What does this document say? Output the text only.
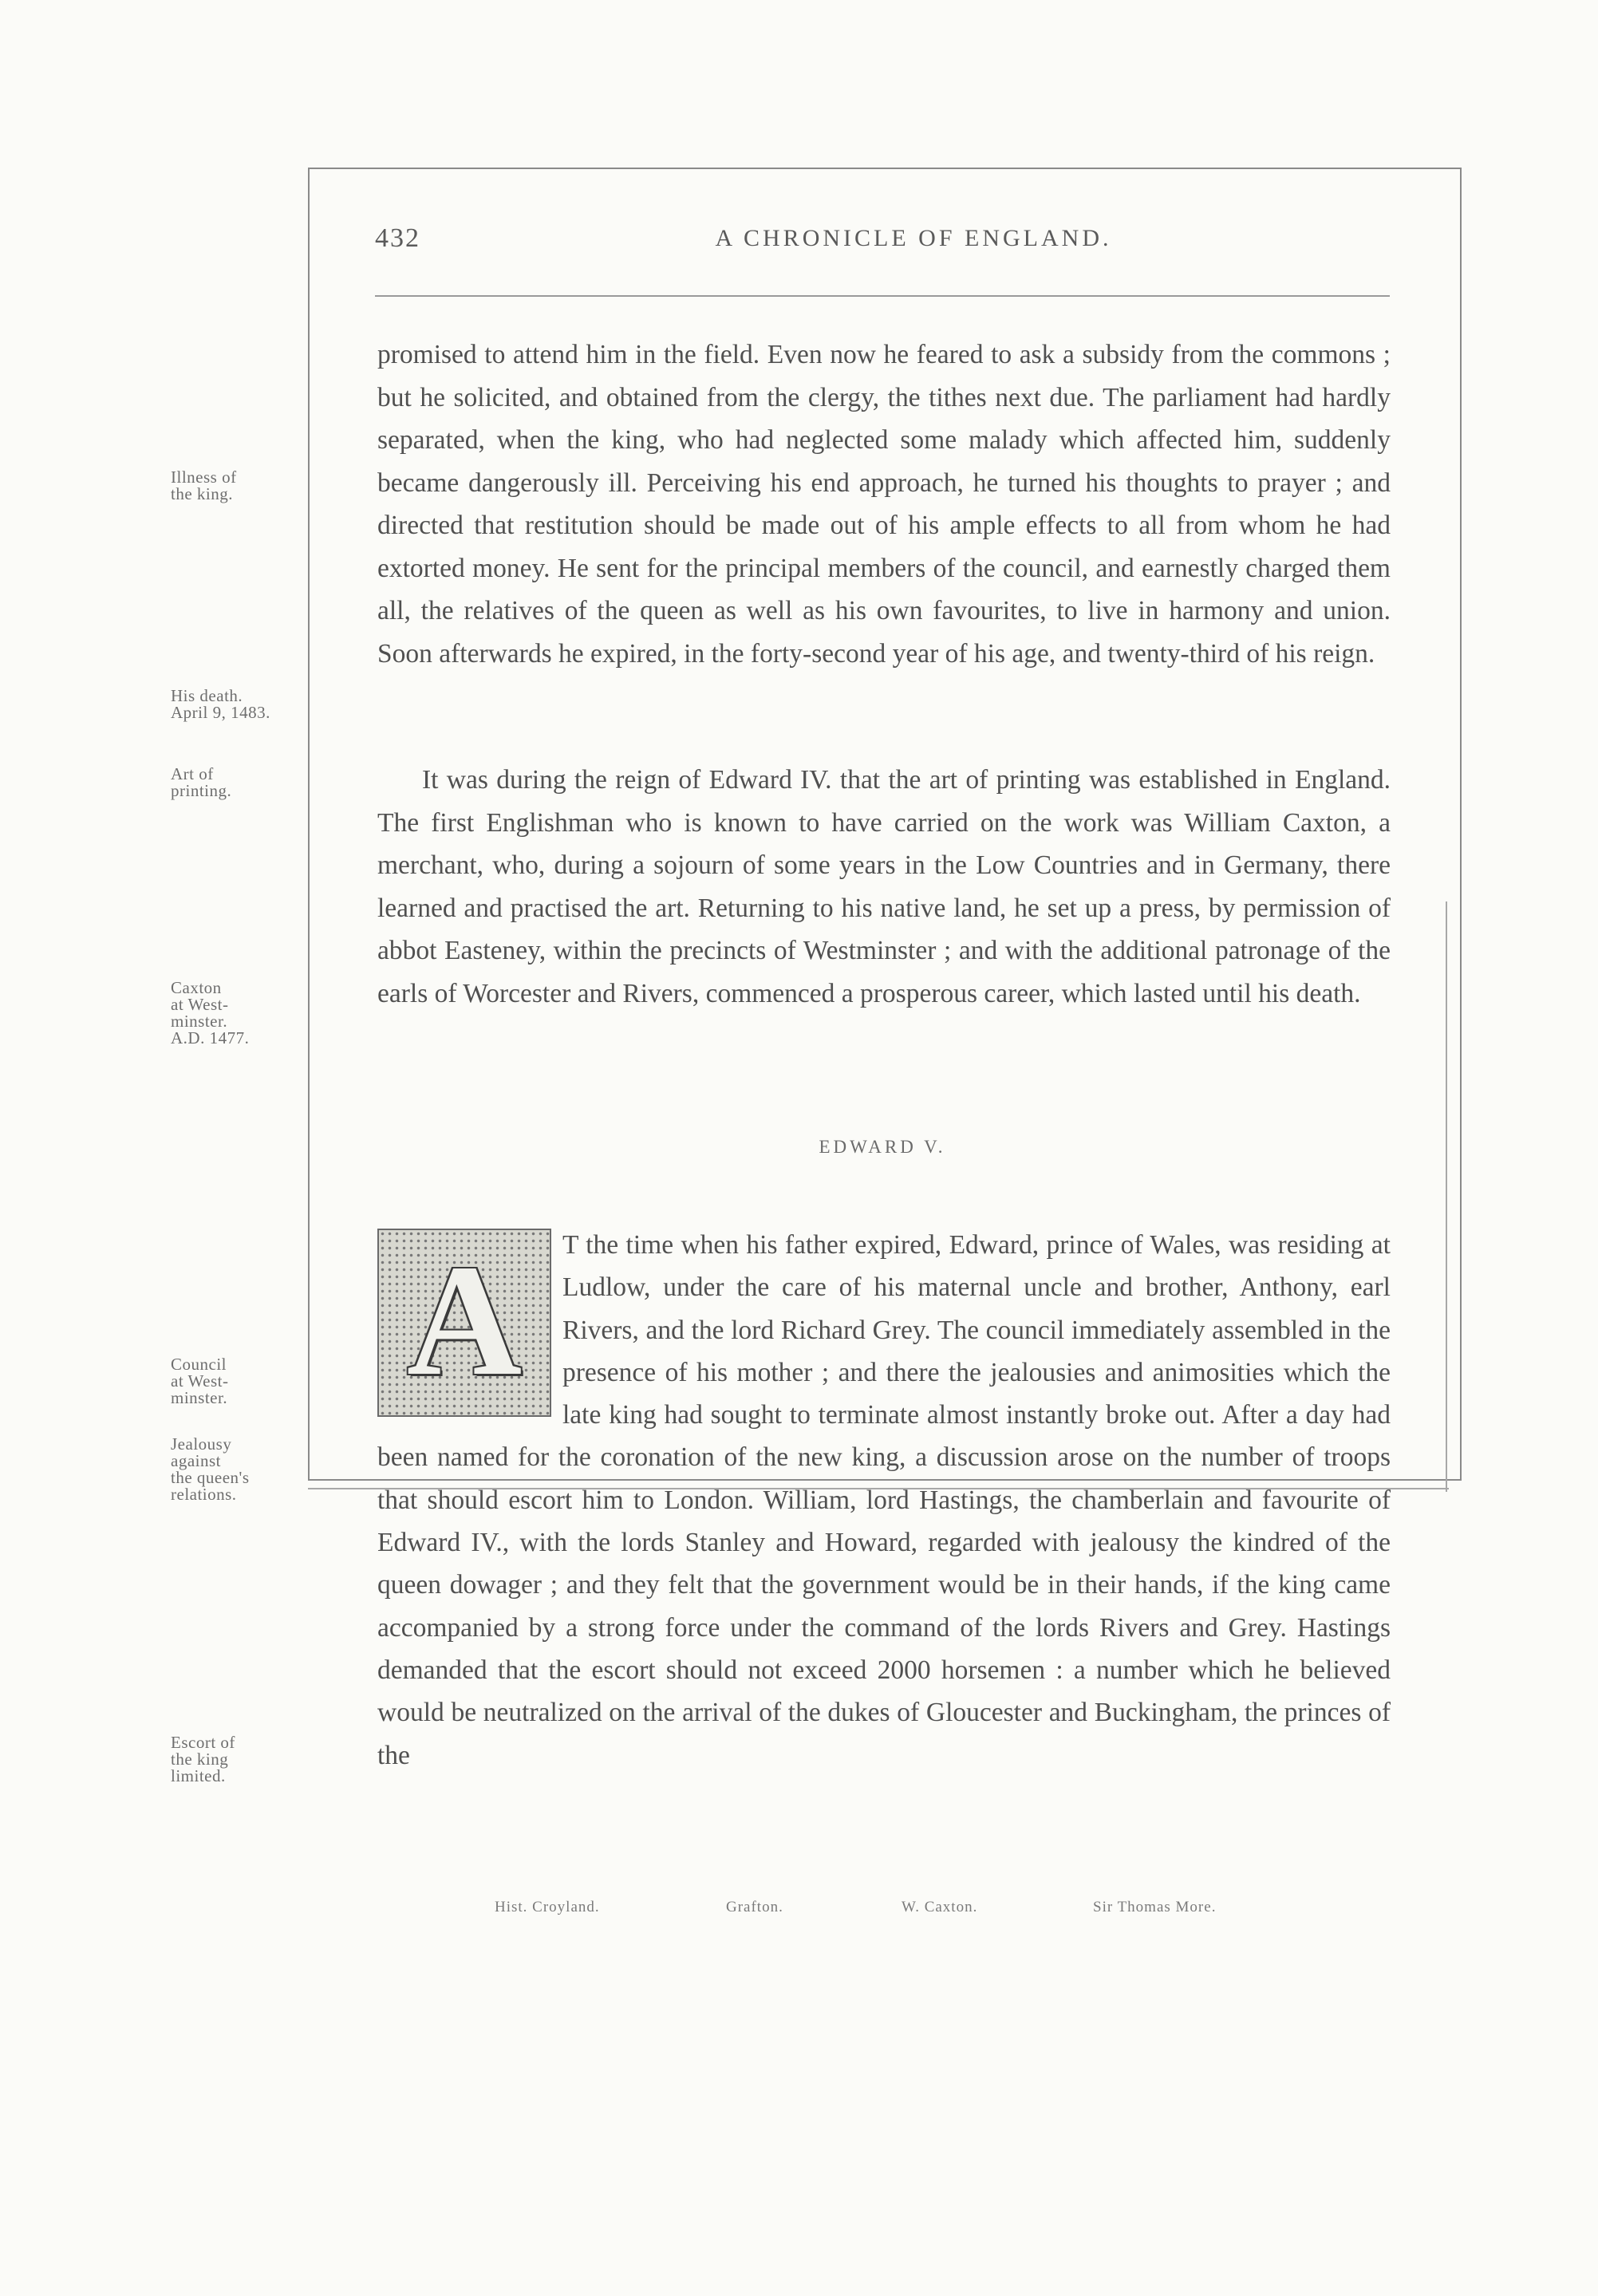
432	A CHRONICLE OF ENGLAND.
Illness of
the king.
His death.
April 9, 1483.
Art of
printing.
Caxton
at West-
minster.
A.D. 1477.
Council
at West-
minster.
Jealousy
against
the queen's
relations.
Escort of
the king
limited.

promised to attend him in the field. Even now he feared to ask a subsidy from the commons ; but he solicited, and obtained from the clergy, the tithes next due. The parliament had hardly separated, when the king, who had neglected some malady which affected him, suddenly became dangerously ill. Perceiving his end approach, he turned his thoughts to prayer ; and directed that restitution should be made out of his ample effects to all from whom he had extorted money. He sent for the principal members of the council, and earnestly charged them all, the relatives of the queen as well as his own favourites, to live in harmony and union. Soon afterwards he expired, in the forty-second year of his age, and twenty-third of his reign.

It was during the reign of Edward IV. that the art of printing was established in England. The first Englishman who is known to have carried on the work was William Caxton, a merchant, who, during a sojourn of some years in the Low Countries and in Germany, there learned and practised the art. Returning to his native land, he set up a press, by permission of abbot Easteney, within the precincts of Westminster ; and with the additional patronage of the earls of Worcester and Rivers, commenced a prosperous career, which lasted until his death.

EDWARD V.
A	T the time when his father expired, Edward, prince of Wales, was residing at Ludlow, under the care of his maternal uncle and brother, Anthony, earl Rivers, and the lord Richard Grey. The council immediately assembled in the presence of his mother ; and there the jealousies and animosities which the late king had sought to terminate almost instantly broke out. After a day had been named for the coronation of the new king, a discussion arose on the number of troops that should escort him to London. William, lord Hastings, the chamberlain and favourite of Edward IV., with the lords Stanley and Howard, regarded with jealousy the kindred of the queen dowager ; and they felt that the government would be in their hands, if the king came accompanied by a strong force under the command of the lords Rivers and Grey. Hastings demanded that the escort should not exceed 2000 horsemen : a number which he believed would be neutralized on the arrival of the dukes of Gloucester and Buckingham, the princes of the
Hist. Croyland.	Grafton.	W. Caxton.	Sir Thomas More.
